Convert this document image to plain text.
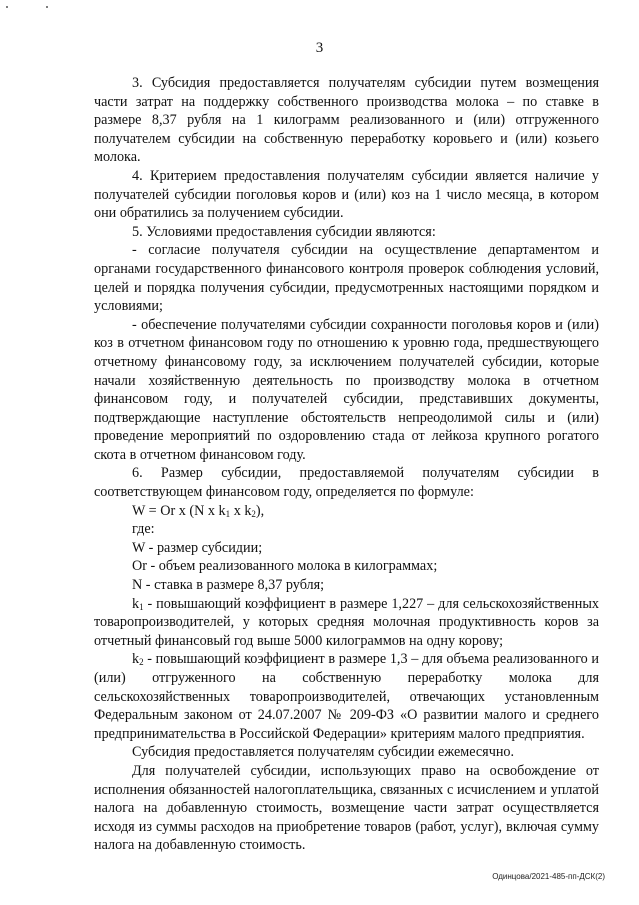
3

3. Субсидия предоставляется получателям субсидии путем возмещения части затрат на поддержку собственного производства молока – по ставке в размере 8,37 рубля на 1 килограмм реализованного и (или) отгруженного получателем субсидии на собственную переработку коровьего и (или) козьего молока.

4. Критерием предоставления получателям субсидии является наличие у получателей субсидии поголовья коров и (или) коз на 1 число месяца, в котором они обратились за получением субсидии.

5. Условиями предоставления субсидии являются:

- согласие получателя субсидии на осуществление департаментом и органами государственного финансового контроля проверок соблюдения условий, целей и порядка получения субсидии, предусмотренных настоящими порядком и условиями;

- обеспечение получателями субсидии сохранности поголовья коров и (или) коз в отчетном финансовом году по отношению к уровню года, предшествующего отчетному финансовому году, за исключением получателей субсидии, которые начали хозяйственную деятельность по производству молока в отчетном финансовом году, и получателей субсидии, представивших документы, подтверждающие наступление обстоятельств непреодолимой силы и (или) проведение мероприятий по оздоровлению стада от лейкоза крупного рогатого скота в отчетном финансовом году.

6. Размер субсидии, предоставляемой получателям субсидии в соответствующем финансовом году, определяется по формуле:

W = Or x (N x $k_1$ x $k_2$),

где:

W - размер субсидии;

Or - объем реализованного молока в килограммах;

N - ставка в размере 8,37 рубля;

$k_1$ - повышающий коэффициент в размере 1,227 – для сельскохозяйственных товаропроизводителей, у которых средняя молочная продуктивность коров за отчетный финансовый год выше 5000 килограммов на одну корову;

$k_2$ - повышающий коэффициент в размере 1,3 – для объема реализованного и (или) отгруженного на собственную переработку молока для сельскохозяйственных товаропроизводителей, отвечающих установленным Федеральным законом от 24.07.2007 № 209-ФЗ «О развитии малого и среднего предпринимательства в Российской Федерации» критериям малого предприятия.

Субсидия предоставляется получателям субсидии ежемесячно.

Для получателей субсидии, использующих право на освобождение от исполнения обязанностей налогоплательщика, связанных с исчислением и уплатой налога на добавленную стоимость, возмещение части затрат осуществляется исходя из суммы расходов на приобретение товаров (работ, услуг), включая сумму налога на добавленную стоимость.

Одинцова/2021-485-пп-ДСК(2)
